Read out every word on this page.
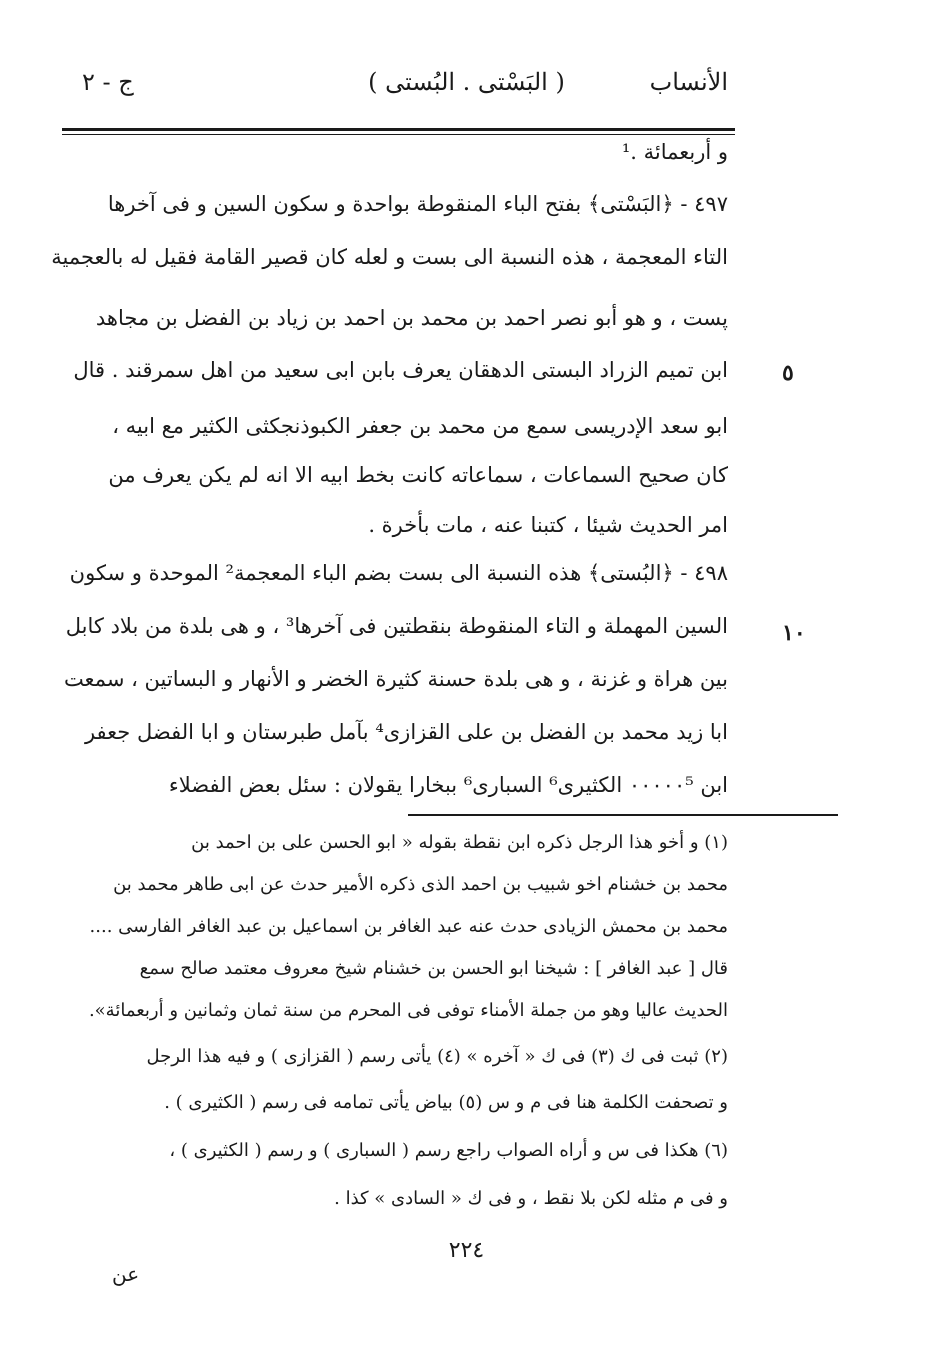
الأنساب
( البَسْتى . البُستى )
ج - ٢
و أربعمائة .¹
٤٩٧ - ﴿البَسْتى﴾ بفتح الباء المنقوطة بواحدة و سكون السين و فى آخرها
التاء المعجمة ، هذه النسبة الى بست و لعله كان قصير القامة فقيل له بالعجمية
پست ، و هو أبو نصر احمد بن محمد بن احمد بن زياد بن الفضل بن مجاهد
ابن تميم الزراد البستى الدهقان يعرف بابن ابى سعيد من اهل سمرقند . قال
ابو سعد الإدريسى سمع من محمد بن جعفر الكبوذنجكثى الكثير مع ابيه ،
كان صحيح السماعات ، سماعاته كانت بخط ابيه الا انه لم يكن يعرف من
امر الحديث شيئا ، كتبنا عنه ، مات بأخرة .
٤٩٨ - ﴿البُستى﴾ هذه النسبة الى بست بضم الباء المعجمة² الموحدة و سكون
السين المهملة و التاء المنقوطة بنقطتين فى آخرها³ ، و هى بلدة من بلاد كابل
بين هراة و غزنة ، و هى بلدة حسنة كثيرة الخضر و الأنهار و البساتين ، سمعت
ابا زيد محمد بن الفضل بن على القزازى⁴ بآمل طبرستان و ابا الفضل جعفر
ابن ٠٠٠٠٠⁵ الكثيرى⁶ السبارى⁶ ببخارا يقولان : سئل بعض الفضلاء
٥
١٠
(١) و أخو هذا الرجل ذكره ابن نقطة بقوله « ابو الحسن على بن احمد بن
محمد بن خشنام اخو شبيب بن احمد الذى ذكره الأمير حدث عن ابى طاهر محمد بن
محمد بن محمش الزيادى حدث عنه عبد الغافر بن اسماعيل بن عبد الغافر الفارسى ....
قال [ عبد الغافر ] : شيخنا ابو الحسن بن خشنام شيخ معروف معتمد صالح سمع
الحديث عاليا وهو من جملة الأمناء توفى فى المحرم من سنة ثمان وثمانين و أربعمائة».
(٢) ثبت فى ك (٣) فى ك « آخره » (٤) يأتى رسم ( القزازى ) و فيه هذا الرجل
و تصحفت الكلمة هنا فى م و س (٥) بياض يأتى تمامه فى رسم ( الكثيرى ) .
(٦) هكذا فى س و أراه الصواب راجع رسم ( السبارى ) و رسم ( الكثيرى ) ،
و فى م مثله لكن بلا نقط ، و فى ك « السادى » كذا .
٢٢٤
عن
